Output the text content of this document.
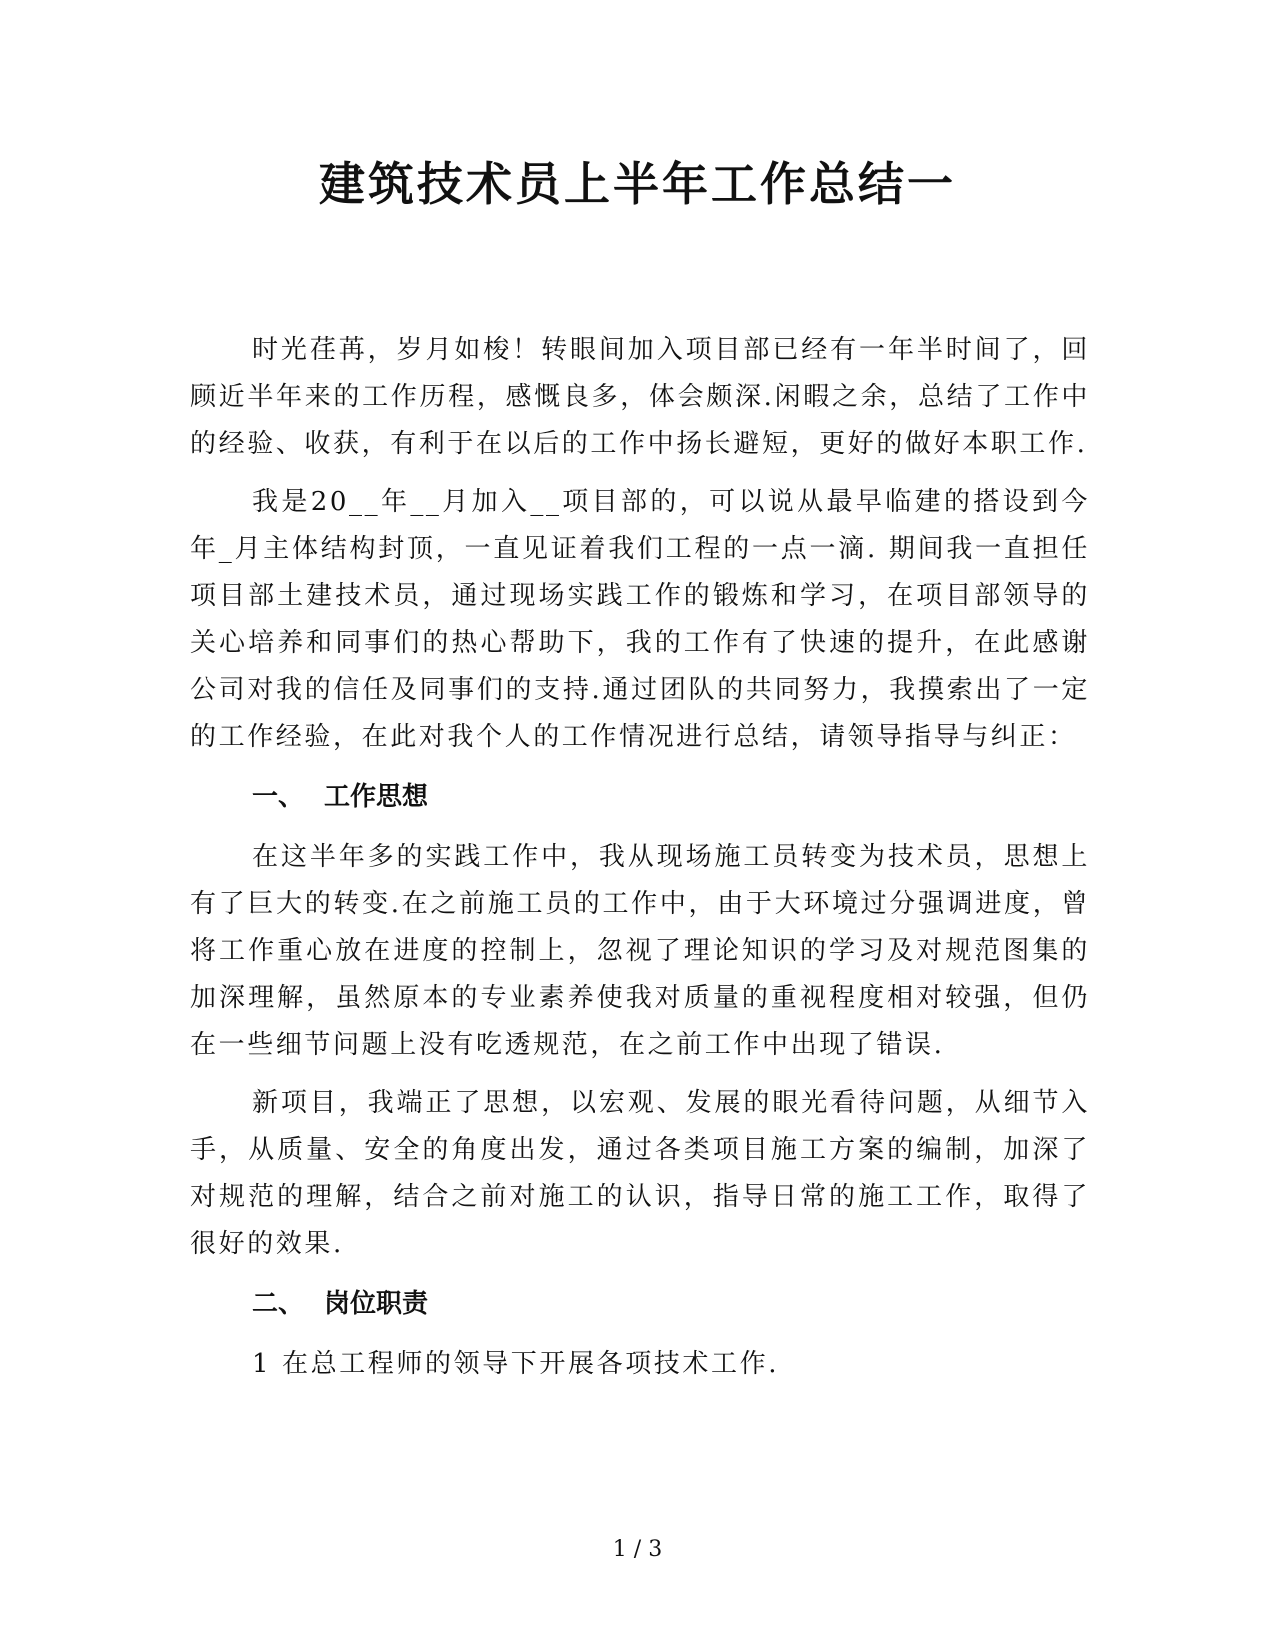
建筑技术员上半年工作总结一

时光荏苒，岁月如梭！转眼间加入项目部已经有一年半时间了，回顾近半年来的工作历程，感慨良多，体会颇深.闲暇之余，总结了工作中的经验、收获，有利于在以后的工作中扬长避短，更好的做好本职工作.

我是20__年__月加入__项目部的，可以说从最早临建的搭设到今年_月主体结构封顶，一直见证着我们工程的一点一滴. 期间我一直担任项目部土建技术员，通过现场实践工作的锻炼和学习，在项目部领导的关心培养和同事们的热心帮助下，我的工作有了快速的提升，在此感谢公司对我的信任及同事们的支持.通过团队的共同努力，我摸索出了一定的工作经验，在此对我个人的工作情况进行总结，请领导指导与纠正：

一、 工作思想

在这半年多的实践工作中，我从现场施工员转变为技术员，思想上有了巨大的转变.在之前施工员的工作中，由于大环境过分强调进度，曾将工作重心放在进度的控制上，忽视了理论知识的学习及对规范图集的加深理解，虽然原本的专业素养使我对质量的重视程度相对较强，但仍在一些细节问题上没有吃透规范，在之前工作中出现了错误.

新项目，我端正了思想，以宏观、发展的眼光看待问题，从细节入手，从质量、安全的角度出发，通过各类项目施工方案的编制，加深了对规范的理解，结合之前对施工的认识，指导日常的施工工作，取得了很好的效果.

二、 岗位职责

1 在总工程师的领导下开展各项技术工作.

1 / 3
